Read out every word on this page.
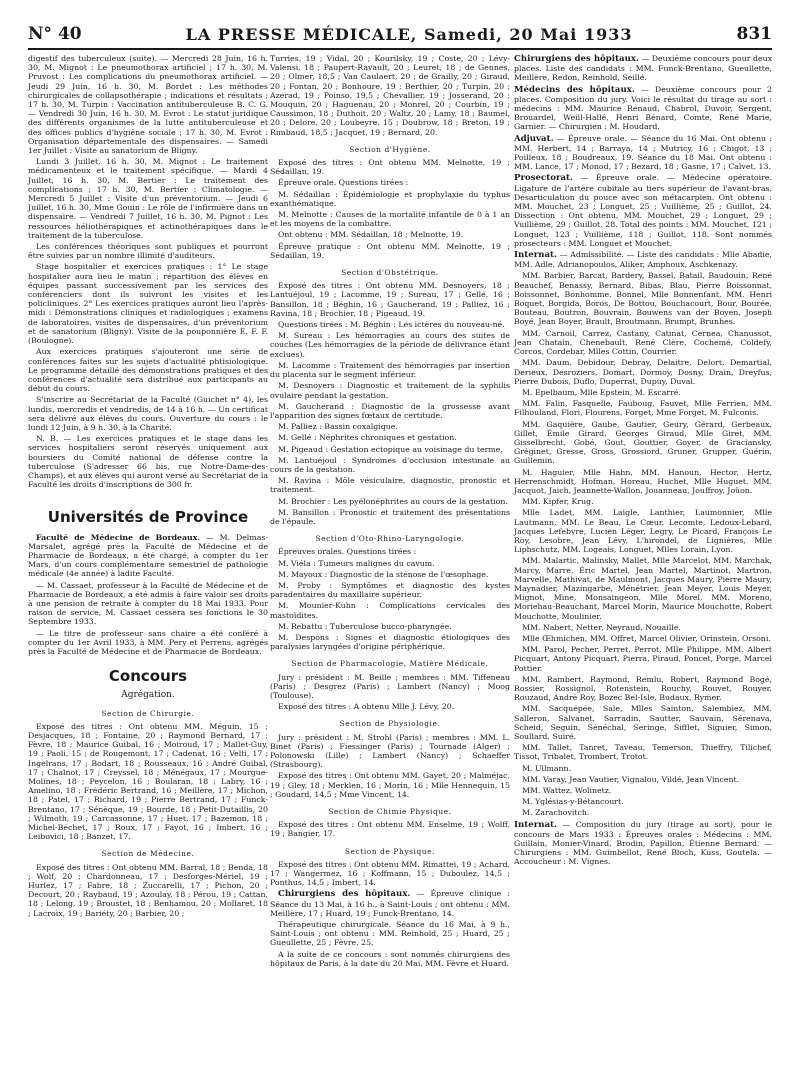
N° 40	LA PRESSE MÉDICALE, Samedi, 20 Mai 1933	831

digestif des tuberculeux (suite). — Mercredi 28 Juin, 16 h. 30, M. Mignot : Le pneumothorax artificiel ; 17 h. 30, M. Pruvost : Les complications du pneumothorax artificiel. — Jeudi 29 Juin, 16 h. 30, M. Bordet : Les méthodes chirurgicales de collapsothérapie ; indications et résultats ; 17 h. 30, M. Turpin : Vaccination antituberculeuse B. C. G. — Vendredi 30 Juin, 16 h. 30, M. Evrot : Le statut juridique des différents organismes de la lutte antituberculeuse et des offices publics d'hygiène sociale ; 17 h. 30, M. Evrot : Organisation départementale des dispensaires. — Samedi 1er Juillet : Visite au sanatorium de Bligny.

Lundi 3 Juillet, 16 h. 30, M. Mignot : Le traitement médicamenteux et le traitement spécifique. — Mardi 4 Juillet, 16 h. 30, M. Bertier : Le traitement des complications ; 17 h. 30, M. Bertier : Climatologie. — Mercredi 5 Juillet : Visite d'un préventorium. — Jeudi 6 Juillet, 16 h. 30, Mme Gouin : Le rôle de l'infirmière dans un dispensaire. — Vendredi 7 Juillet, 16 h. 30, M. Pignot : Les ressources héliothérapiques et actinothérapiques dans le traitement de la tuberculose.

Les conférences théoriques sont publiques et pourront être suivies par un nombre illimité d'auditeurs.

Stage hospitalier et exercices pratiques : 1° Le stage hospitalier aura lieu le matin ; répartition des élèves en équipes passant successivement par les services des conférenciers dont ils suivront les visites et les policliniques. 2° Les exercices pratiques auront lieu l'après-midi : Démonstrations cliniques et radiologiques ; examens de laboratoires, visites de dispensaires, d'un préventorium et de sanatorium (Bligny). Visite de la pouponnière E. F. F. (Boulogne).

Aux exercices pratiques s'ajouteront une série de conférences faites sur les sujets d'actualité phtisiologique. Le programme détaillé des démonstrations pratiques et des conférences d'actualité sera distribué aux participants au début du cours.

S'inscrire au Secrétariat de la Faculté (Guichet n° 4), les lundis, mercredis et vendredis, de 14 à 16 h. — Un certificat sera délivré aux élèves du cours. Ouverture du cours : le lundi 12 Juin, à 9 h. 30, à la Charité.

N. B. — Les exercices pratiques et le stage dans les services hospitaliers seront réservés uniquement aux boursiers du Comité national de défense contre la tuberculose (S'adresser 66 bis, rue Notre-Dame-des-Champs), et aux élèves qui auront versé au Secrétariat de la Faculté les droits d'inscriptions de 300 fr.

Universités de Province

Faculté de Médecine de Bordeaux. — M. Delmas-Marsalet, agrégé près la Faculté de Médecine et de Pharmacie de Bordeaux, a été chargé, à compter du 1er Mars, d'un cours complémentaire semestriel de pathologie médicale (4e année) à ladite Faculté.

— M. Cassaet, professeur à la Faculté de Médecine et de Pharmacie de Bordeaux, a été admis à faire valoir ses droits à une pension de retraite à compter du 18 Mai 1933. Pour raison de service, M. Cassaet cessera ses fonctions le 30 Septembre 1933.

— Le titre de professeur sans chaire a été conféré à compter du 1er Avril 1933, à MM. Pery et Perrens, agrégés près la Faculté de Médecine et de Pharmacie de Bordeaux.

Concours
Agrégation.
Section de Chirurgie.

Exposé des titres : Ont obtenu MM. Méguin, 15 ; Desjacques, 18 ; Fontaine, 20 ; Raymond Bernard, 17 ; Fèvre, 18 ; Maurice Guibal, 16 ; Moiroud, 17 ; Mallet-Guy, 19 ; Paoli, 15 ; de Rougemont, 17 ; Cadenat, 16 ; Velti, 17 ; Ingelrans, 17 ; Bodart, 18 ; Rousseaux, 16 ; André Guibal, 17 ; Chalnot, 17 ; Creyssel, 18 ; Ménégaux, 17 ; Mourgue-Molines, 18 ; Peycelon, 16 ; Boularan, 18 ; Labry, 16 ; Amelino, 18 ; Frédéric Bertrand, 16 ; Meillère, 17 ; Michon, 18 ; Patel, 17 ; Richard, 19 ; Pierre Bertrand, 17 ; Funck-Brentano, 17 ; Sénèque, 19 ; Bourde, 18 ; Petit-Dutaillis, 20 ; Wilmoth, 19 ; Carcassonne, 17 ; Huet, 17 ; Bazemon, 18 ; Michel-Béchet, 17 ; Roux, 17 ; Fayot, 16 ; Imbert, 16 ; Leibovici, 18 ; Banzet, 17.

Section de Médecine.

Exposé des titres : Ont obtenu MM. Barral, 18 ; Bendа, 18 ; Wolf, 20 ; Chardonneau, 17 ; Desforges-Mériel, 19 ; Hurlez, 17 ; Fabre, 18 ; Zuccarelli, 17 ; Pichon, 20 ; Decourt, 20 ; Raybaud, 19 ; Azoulay, 18 ; Pérou, 19 ; Cattan, 18 ; Lelong, 19 ; Broustet, 18 ; Benhamou, 20 ; Mollaret, 18 ; Lacroix, 19 ; Bariéty, 20 ; Barbier, 20 ;

Turries, 19 ; Vidal, 20 ; Kourilsky, 19 ; Coste, 20 ; Lévy-Valensi, 18 ; Paupert-Ravault, 20 ; Leuret, 18 ; de Gennes, 20 ; Olmer, 18,5 ; Van Caulaert, 20 ; de Grailly, 20 ; Giraud, 20 ; Fontan, 20 ; Bonhoure, 19 ; Berthier, 20 ; Turpin, 20 ; Azerad, 19 ; Poinso, 19,5 ; Chevallier, 19 ; Josserand, 20 ; Mouquin, 20 ; Haguenau, 20 ; Monrel, 20 ; Courbin, 19 ; Caussimon, 18 ; Duthoit, 20 ; Waltz, 20 ; Lamy, 18 ; Baumel, 20 ; Delore, 20 ; Loubeyre, 15 ; Doubrow, 18 ; Breton, 19 ; Rimbaud, 18,5 ; Jacquet, 19 ; Bernard, 20.

Section d'Hygiène.

Exposé des titres : Ont obtenu MM. Melnotte, 19 ; Sédaillan, 19.

Épreuve orale. Questions tirées :

M. Sédaillan : Épidémiologie et prophylaxie du typhus exanthématique.

M. Melnotte : Causes de la mortalité infantile de 0 à 1 an et les moyens de la combattre.

Ont obtenu : MM. Sédaillan, 18 ; Melnotte, 19.

Épreuve pratique : Ont obtenu MM. Melnotte, 19 ; Sédaillan, 19.

Section d'Obstétrique.

Exposé des titres : Ont obtenu MM. Desnoyers, 18 ; Lantuéjoul, 19 ; Lacomme, 19 ; Sureau, 17 ; Gellé, 16 ; Bansillon, 18 ; Béghin, 16 ; Gaucherand, 19 ; Palliez, 16 ; Ravina, 18 ; Brochier, 18 ; Pigeaud, 19.

Questions tirées : M. Béghin : Les ictères du nouveau-né.

M. Sureau : Les hémorragies au cours des suites de couches (Les hémorragies de la période de délivrance étant exclues).

M. Lacomme : Traitement des hémorragies par insertion du placenta sur le segment inférieur.

M. Desnoyers : Diagnostic et traitement de la syphilis ovulaire pendant la gestation.

M. Gaucherand : Diagnostic de la grossesse avant l'apparition des signes fœtaux de certitude.

M. Palliez : Bassin coxalgique.

M. Gellé : Néphrites chroniques et gestation.

M. Pigeaud : Gestation ectopique au voisinage du terme.

M. Lantuéjoul : Syndromes d'occlusion intestinale au cours de la gestation.

M. Ravina : Môle vésiculaire, diagnostic, pronostic et traitement.

M. Brochier : Les pyélonéphrites au cours de la gestation.

M. Bansillon : Pronostic et traitement des présentations de l'épaule.

Section d'Oto-Rhino-Laryngologie.

Épreuves orales. Questions tirées :

M. Viéla : Tumeurs malignes du cavum.

M. Mayoux : Diagnostic de la sténose de l'œsophage.

M. Proby : Symptômes et diagnostic des kystes paradentaires du maxillaire supérieur.

M. Mounier-Kuhn : Complications cervicales des mastoïdites.

M. Rebattu : Tuberculose bucco-pharyngée.

M. Despons : Signes et diagnostic étiologiques des paralysies laryngées d'origine périphérique.

Section de Pharmacologie, Matière Médicale.

Jury : président : M. Beille ; membres : MM. Tiffeneau (Paris) ; Desgrez (Paris) ; Lambert (Nancy) ; Moog (Toulouse).

Exposé des titres : A obtenu Mlle J. Lévy, 20.

Section de Physiologie.

Jury : président : M. Strohl (Paris) ; membres : MM. L. Binet (Paris) ; Fiessinger (Paris) ; Tournade (Alger) ; Polonowski (Lille) ; Lambert (Nancy) ; Schaeffer (Strasbourg).

Exposé des titres : Ont obtenu MM. Gayet, 20 ; Malméjac, 19 ; Gley, 18 ; Merklen, 16 ; Morin, 16 ; Mlle Hennequin, 15 ; Goudard, 14,5 ; Mme Vincent, 14.

Section de Chimie Physique.

Exposé des titres : Ont obtenu MM. Enselme, 19 ; Wolff, 19 ; Bangier, 17.

Section de Physique.

Exposé des titres : Ont obtenu MM. Rimattei, 19 ; Achard, 17 ; Wangermez, 16 ; Koffmann, 15 ; Duboulez, 14,5 ; Ponthus, 14,5 ; Imbert, 14.

Chirurgiens des hôpitaux. — Épreuve clinique : Séance du 13 Mai, à 16 h., à Saint-Louis ; ont obtenu : MM. Meillère, 17 ; Huard, 19 ; Funck-Brentano, 14.

Thérapeutique chirurgicale. Séance du 16 Mai, à 9 h., Saint-Louis ; ont obtenu : MM. Reinhold, 25 ; Huard, 25 ; Gueullette, 25 ; Fèvre, 25.

A la suite de ce concours : sont nommés chirurgiens des hôpitaux de Paris, à la date du 20 Mai, MM. Fèvre et Huard.

Chirurgiens des hôpitaux. — Deuxième concours pour deux places. Liste des candidats : MM. Funck-Brentano, Gueullette, Meillère, Redon, Reinhold, Seillé.

Médecins des hôpitaux. — Deuxième concours pour 2 places. Composition du jury. Voici le résultat du tirage au sort : médecins : MM. Maurice Renaud, Chabrol, Duvoir, Sergent, Brouardel, Weill-Hallé, Henri Bénard, Comte, René Marie, Garnier. — Chirurgien : M. Houdard.

Adjuvat. — Épreuve orale. — Séance du 16 Mai. Ont obtenu : MM. Herbert, 14 ; Barraya, 14 ; Mutricy, 16 ; Chigot, 13 ; Poilleux, 18 ; Boudreaux, 19. Séance du 18 Mai. Ont obtenu : MM. Lance, 17 ; Monod, 17 ; Bezard, 18 ; Gasne, 17 ; Calvet, 13.

Prosectorat. — Épreuve orale. — Médecine opératoire. Ligature de l'artère cubitale au tiers supérieur de l'avant-bras. Désarticulation du pouce avec son métacarpien. Ont obtenu : MM. Mouchet, 23 ; Longuet, 25 ; Vuillième, 25 ; Guillot, 24. Dissection : Ont obtenu, MM. Mouchet, 29 ; Longuet, 29 ; Vuillième, 29 ; Guillot, 28. Total des points : MM. Mouchet, 121 ; Longuet, 123 ; Vuillième, 118 ; Guillot, 118. Sont nommés prosecteurs : MM. Longuet et Mouchet.

Internat. — Admissibilité. — Liste des candidats : Mlle Abadie, MM. Adle, Adrianopoulos, Aliker, Amphoux, Aschkenazy.

MM. Barbier, Barcat, Bardery, Bassel, Batail, Baudouin, René Beauchef, Benassy, Bernard, Bibas, Blau, Pierre Boissonnat, Boissonnet, Bonhomme, Bonnel, Mlle Bonnenfant, MM. Henri Boquet, Borgida, Boros, De Bottou, Bouchacourt, Bour, Bourée, Bouteau, Boutron, Bouvrain, Bouwens van der Boyen, Joseph Boyé, Jean Boyer, Brault, Broutmann, Brumpt, Brunhes.

MM. Carnoil, Carrez, Castany, Catinat, Cernea, Chanussot, Jean Chatain, Chenebault, René Clère, Cochemé, Coldefy, Corcos, Cordebar, Mlles Cottin, Courrier.

MM. Daum, Debidour, Debray, Delaitre, Delort, Demartial, Derieux, Desroziers, Domart, Dormoy, Dosny, Drain, Dreyfus, Pierre Dubois, Duflo, Duperrat, Dupuy, Duval.

M. Epelbaum, Mlle Epstein, M. Escarré.

MM. Falin, Fasquelle, Fauboug, Fauvet, Mlle Ferrien, MM. Filhouland, Flori, Flourens, Forget, Mme Forget, M. Fulconis.

MM. Gaquière, Gaube, Gautier, Geury, Gérard, Gerbeaux, Gillet, Émile Girard, Georges Giraud, Mlle Giret, MM. Gisselbrecht, Gobé, Gout, Gouttier, Goyer, de Graciansky, Gréginet, Gresse, Gross, Grossiord, Gruner, Grupper, Guérin, Guillemin.

M. Haguier, Mlle Hahn, MM. Hanoun, Hector, Hertz, Herrenschmidt, Hofman, Horeau, Huchet, Mlle Huguet. MM. Jacquot, Jaich, Jeannette-Wallon, Jouanneau, Jouffroy, Joüon.

MM. Kipfer, Krug.

Mlle Ladet, MM. Laigle, Lanthier, Laumonnier, Mlle Lautmann, MM. Le Beau, Le Cœur, Lecomte, Ledoux-Lebard, Jacques Lefebvre, Lucien Léger, Legry, Le Picard, François Le Roy, Lesobre, Jean Lévy, L'hirondel, de Lignières, Mlle Liphschutz, MM. Logeais, Longuet, Mlles Lorain, Lyon.

MM. Malartic, Malinsky, Mallet, Mlle Marcelot, MM. Marchak, Marcy, Marre, Éric Martel, Jean Martel, Martinot, Martron, Marvelle, Mathivat, de Maulmont, Jacques Maury, Pierre Maury, Maynadier, Mazingarbe, Ménétrier, Jean Meyer, Louis Meyer, Mignot, Mine, Monsaingeon, Mlle Morel, MM. Moreno, Moriehau-Beauchant, Marcel Morin, Maurice Mouchotte, Robert Mouchotte, Moulinier.

MM. Nabert, Netter, Neyraud, Nouaille.

Mlle Œhmichen, MM. Offret, Marcel Olivier, Orinstein, Orsoni.

MM. Parol, Pecher, Perret, Perrot, Mlle Philippe, MM. Albert Picquart, Antony Picquart, Pierra, Piraud, Poncet, Porge, Marcel Pottier.

MM. Rambert, Raymond, Remlu, Robert, Raymond Bogé, Rossier, Rossignol, Rotenstein, Rouchy, Rouvet, Rouyer, Rouzaud, André Roy, Bozec Bel-Isle, Budaux, Rymer.

MM. Sacquépée, Sale, Mlles Sainton, Salembiez, MM. Salleron, Salvanet, Sarradin, Sautter, Sauvain, Sérenava, Scheid, Seguin, Sénéchal, Seringe, Sifflet, Siguier, Simon, Soullard, Suiré.

MM. Tallet, Tanret, Taveau, Temerson, Thieffry, Tilichef, Tissot, Tribalet, Trombert, Trotot.

M. Ullmann.

MM. Varay, Jean Vautier, Vignalou, Vildé, Jean Vincent.

MM. Wattez, Wolinetz.

M. Yglésias-y-Bétancourt.

M. Zarachovitch.

Internat. — Composition du jury (tirage au sort), pour le concours de Mars 1933 : Épreuves orales : Médecins : MM. Guillain, Monier-Vinard, Brodin, Papillon, Étienne Bernard. — Chirurgiens : MM. Guimbellot, René Bloch, Kuss, Goutela. — Accoucheur : M. Vignes.
